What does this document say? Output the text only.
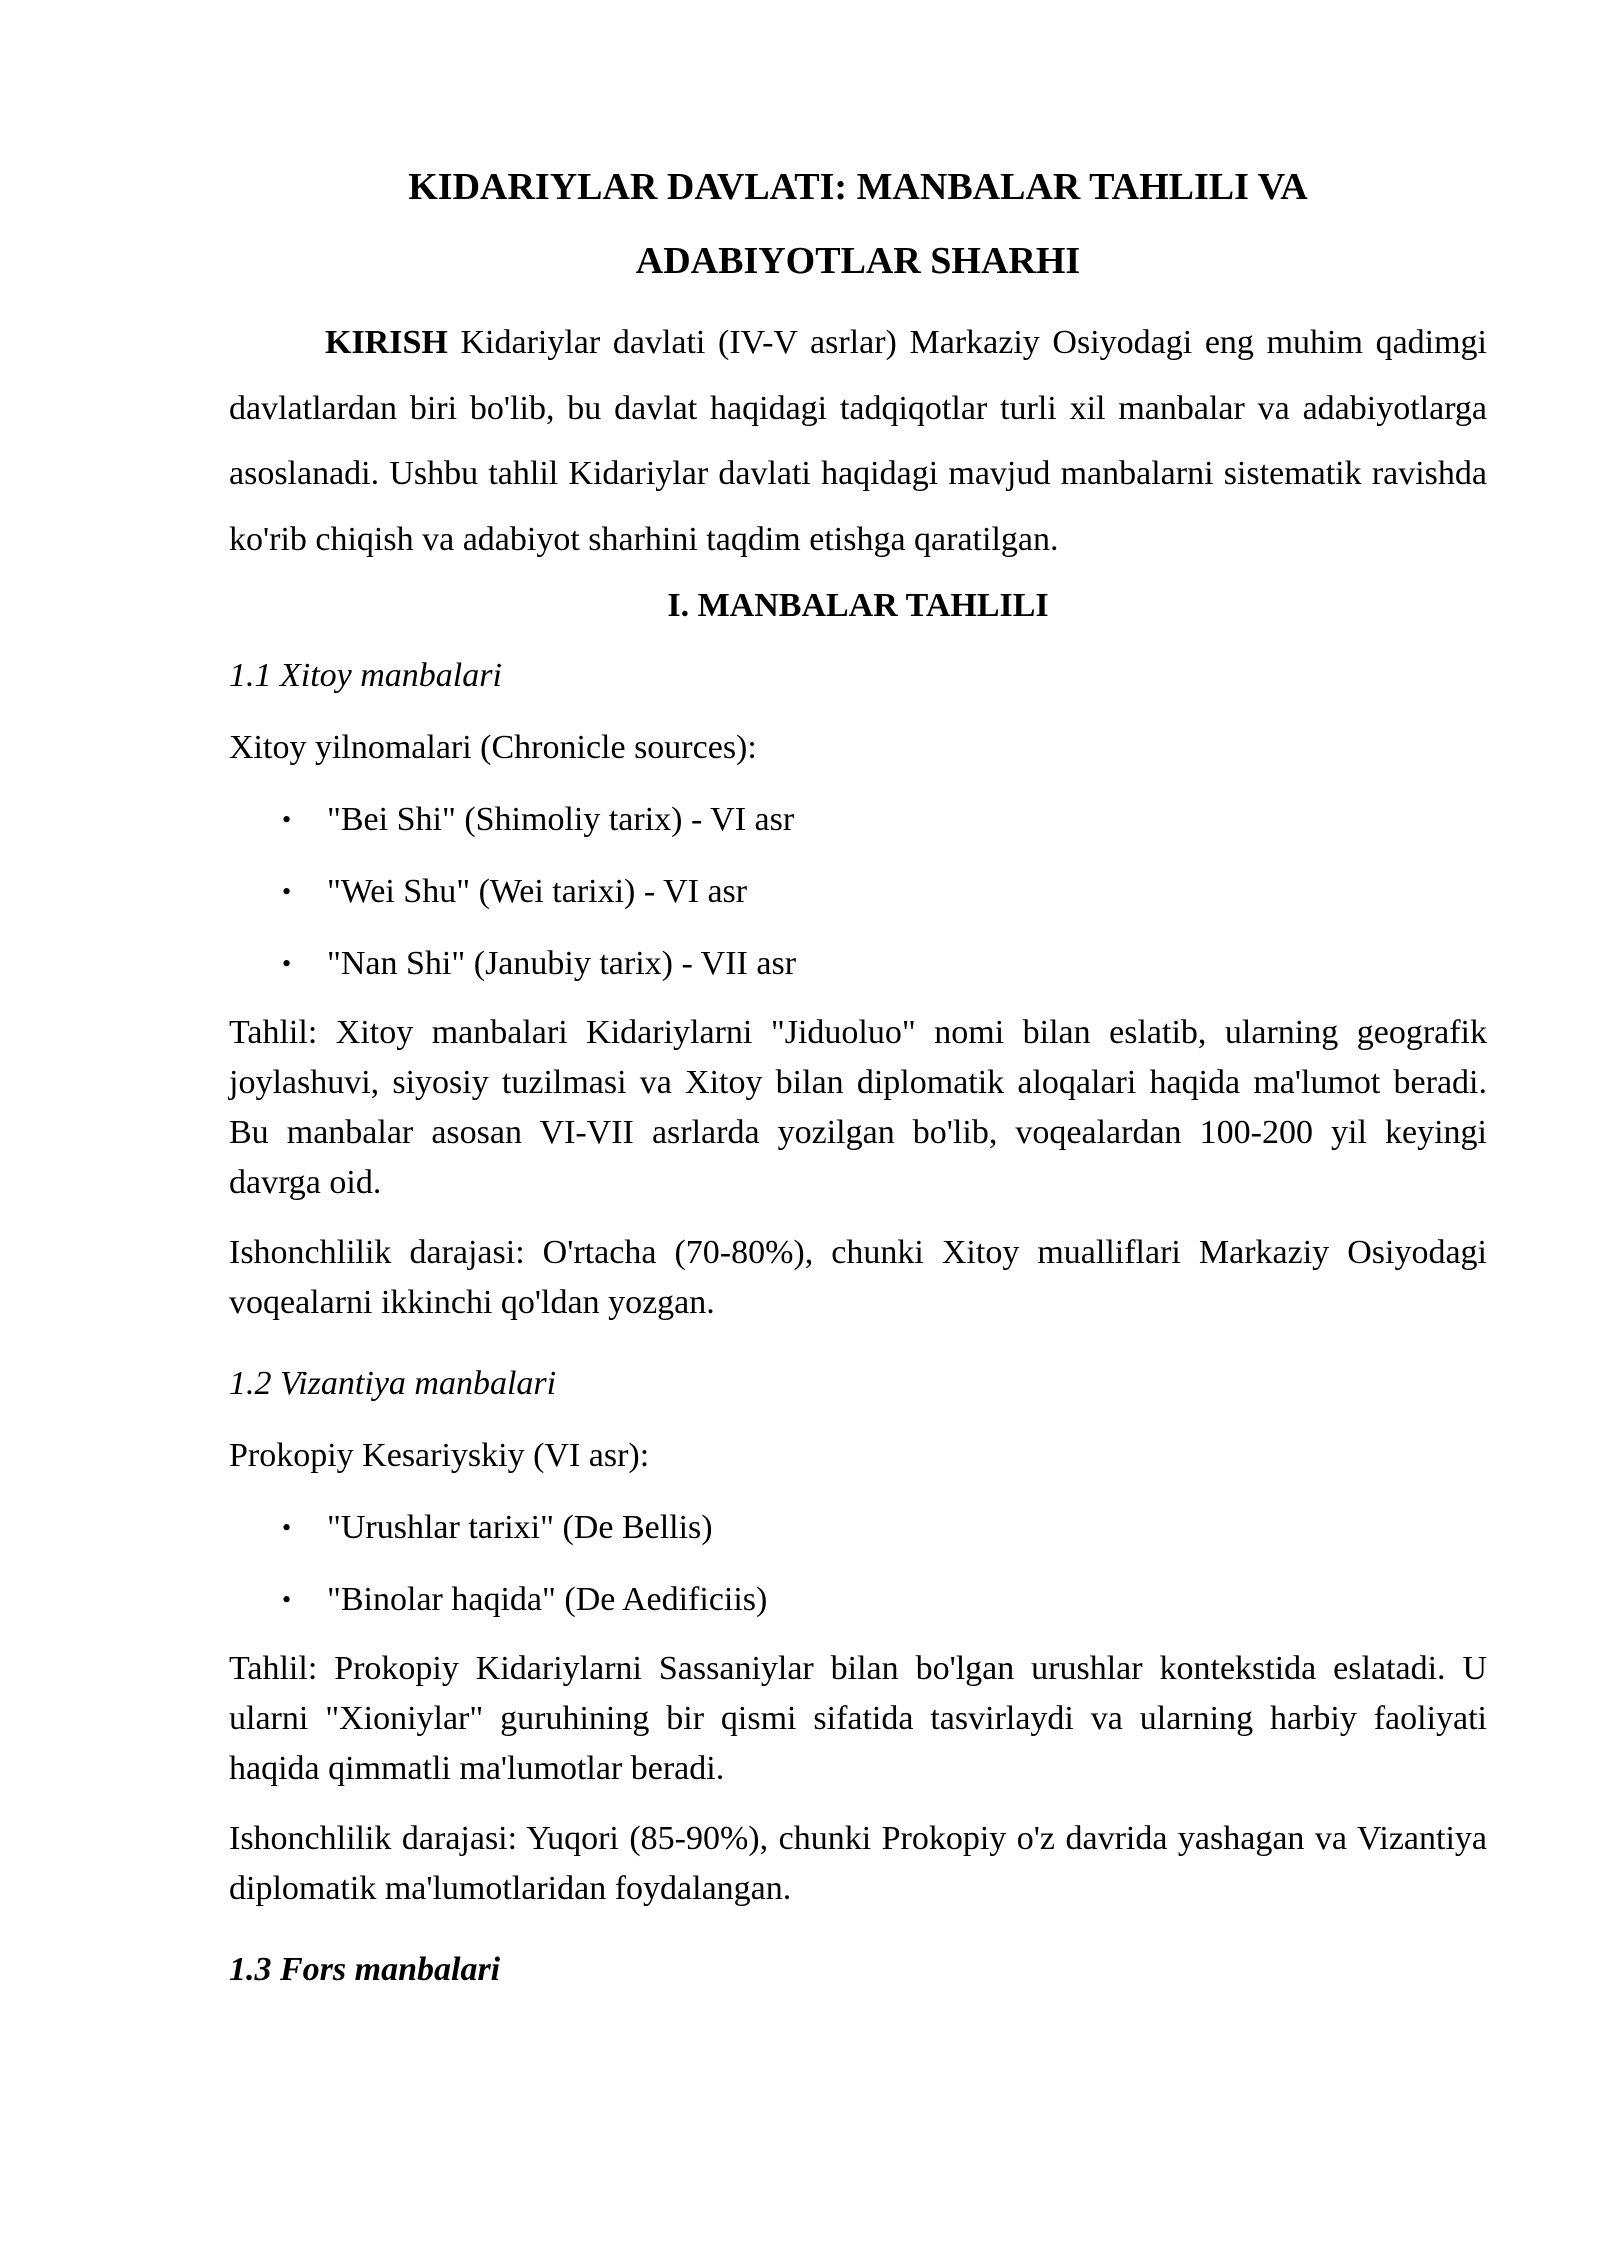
KIDARIYLAR DAVLATI: MANBALAR TAHLILI VA
ADABIYOTLAR SHARHI

KIRISH Kidariylar davlati (IV-V asrlar) Markaziy Osiyodagi eng muhim qadimgi davlatlardan biri bo'lib, bu davlat haqidagi tadqiqotlar turli xil manbalar va adabiyotlarga asoslanadi. Ushbu tahlil Kidariylar davlati haqidagi mavjud manbalarni sistematik ravishda ko'rib chiqish va adabiyot sharhini taqdim etishga qaratilgan.

I. MANBALAR TAHLILI

1.1 Xitoy manbalari

Xitoy yilnomalari (Chronicle sources):

• "Bei Shi" (Shimoliy tarix) - VI asr
• "Wei Shu" (Wei tarixi) - VI asr
• "Nan Shi" (Janubiy tarix) - VII asr

Tahlil: Xitoy manbalari Kidariylarni "Jiduoluo" nomi bilan eslatib, ularning geografik joylashuvi, siyosiy tuzilmasi va Xitoy bilan diplomatik aloqalari haqida ma'lumot beradi. Bu manbalar asosan VI-VII asrlarda yozilgan bo'lib, voqealardan 100-200 yil keyingi davrga oid.

Ishonchlilik darajasi: O'rtacha (70-80%), chunki Xitoy mualliflari Markaziy Osiyodagi voqealarni ikkinchi qo'ldan yozgan.

1.2 Vizantiya manbalari

Prokopiy Kesariyskiy (VI asr):

• "Urushlar tarixi" (De Bellis)
• "Binolar haqida" (De Aedificiis)

Tahlil: Prokopiy Kidariylarni Sassaniylar bilan bo'lgan urushlar kontekstida eslatadi. U ularni "Xioniylar" guruhining bir qismi sifatida tasvirlaydi va ularning harbiy faoliyati haqida qimmatli ma'lumotlar beradi.

Ishonchlilik darajasi: Yuqori (85-90%), chunki Prokopiy o'z davrida yashagan va Vizantiya diplomatik ma'lumotlaridan foydalangan.

1.3 Fors manbalari
